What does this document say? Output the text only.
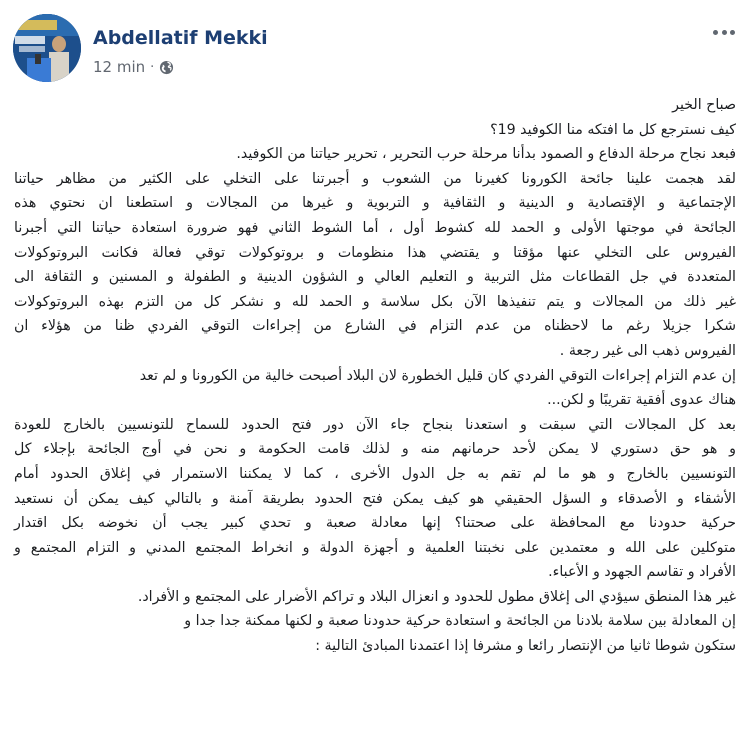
Abdellatif Mekki
12 min ·
صباح الخير
كيف نسترجع كل ما افتكه منا الكوفيد 19؟
فبعد نجاح مرحلة الدفاع و الصمود بدأنا مرحلة حرب التحرير ، تحرير حياتنا من الكوفيد.
لقد هجمت علينا جائحة الكورونا كغيرنا من الشعوب و أجبرتنا على التخلي على الكثير من مظاهر حياتنا
الإجتماعية و الإقتصادية و الدينية و الثقافية و التربوية و غيرها من المجالات و استطعنا ان نحتوي هذه
الجائحة في موجتها الأولى و الحمد لله كشوط أول ، أما الشوط الثاني فهو ضرورة استعادة حياتنا التي أجبرنا
الفيروس على التخلي عنها مؤقتا و يقتضي هذا منظومات و بروتوكولات توقي فعالة فكانت البروتوكولات
المتعددة في جل القطاعات مثل التربية و التعليم العالي و الشؤون الدينية و الطفولة و المسنين و الثقافة الى
غير ذلك من المجالات و يتم تنفيذها الآن بكل سلاسة و الحمد لله و نشكر كل من التزم بهذه البروتوكولات
شكرا جزيلا رغم ما لاحظناه من عدم التزام في الشارع من إجراءات التوقي الفردي ظنا من هؤلاء ان
الفيروس ذهب الى غير رجعة .
إن عدم التزام إجراءات التوقي الفردي كان قليل الخطورة لان البلاد أصبحت خالية من الكورونا و لم تعد
هناك عدوى أفقية تقريبًا و لكن...
بعد كل المجالات التي سبقت و استعدنا بنجاح جاء الآن دور فتح الحدود للسماح للتونسيين بالخارج للعودة
و هو حق دستوري لا يمكن لأحد حرمانهم منه و لذلك قامت الحكومة و نحن في أوج الجائحة بإجلاء كل
التونسيين بالخارج و هو ما لم تقم به جل الدول الأخرى ، كما لا يمكننا الاستمرار في إغلاق الحدود أمام
الأشقاء و الأصدقاء و السؤل الحقيقي هو كيف يمكن فتح الحدود بطريقة آمنة و بالتالي كيف يمكن أن نستعيد
حركية حدودنا مع المحافظة على صحتنا؟ إنها معادلة صعبة و تحدي كبير يجب أن نخوضه بكل اقتدار
متوكلين على الله و معتمدين على نخبتنا العلمية و أجهزة الدولة و انخراط المجتمع المدني و التزام المجتمع و
الأفراد و تقاسم الجهود و الأعباء.
غير هذا المنطق سيؤدي الى إغلاق مطول للحدود و انعزال البلاد و تراكم الأضرار على المجتمع و الأفراد.
إن المعادلة بين سلامة بلادنا من الجائحة و استعادة حركية حدودنا صعبة و لكنها ممكنة جدا جدا و
ستكون شوطا ثانيا من الإنتصار رائعا و مشرفا إذا اعتمدنا المبادئ التالية :
